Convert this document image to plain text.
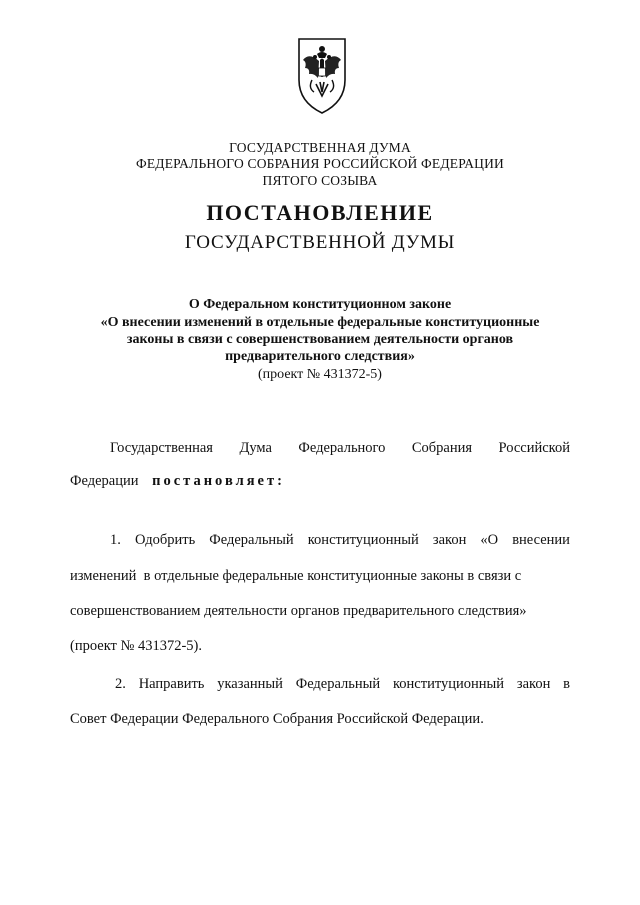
ГОСУДАРСТВЕННАЯ ДУМА
ФЕДЕРАЛЬНОГО СОБРАНИЯ РОССИЙСКОЙ ФЕДЕРАЦИИ
ПЯТОГО СОЗЫВА
ПОСТАНОВЛЕНИЕ
ГОСУДАРСТВЕННОЙ ДУМЫ
О Федеральном конституционном законе
«О внесении изменений в отдельные федеральные конституционные
законы в связи с совершенствованием деятельности органов
предварительного следствия»
(проект № 431372-5)
Государственная Дума Федерального Собрания Российской
Федерации постановляет:
1. Одобрить Федеральный конституционный закон «О внесении
изменений  в отдельные федеральные конституционные законы в связи с
совершенствованием деятельности органов предварительного следствия»
(проект № 431372-5).
2. Направить указанный Федеральный конституционный закон в
Совет Федерации Федерального Собрания Российской Федерации.
